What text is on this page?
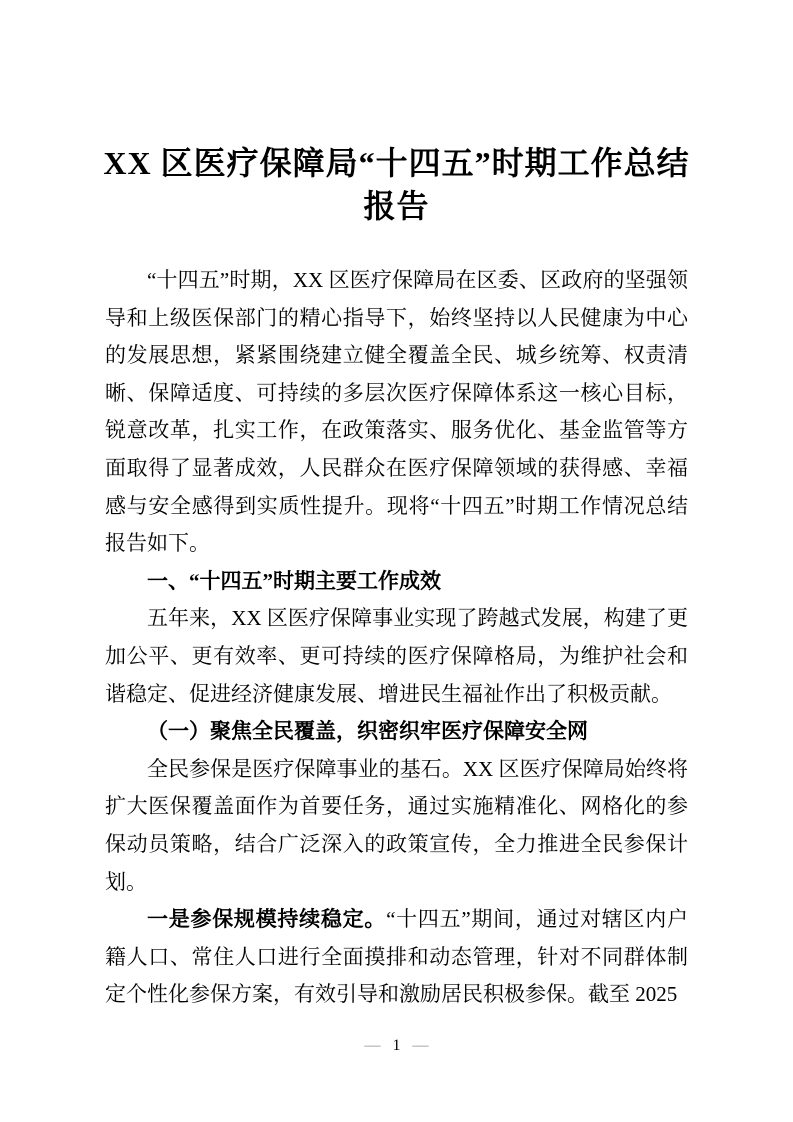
XX 区医疗保障局“十四五”时期工作总结报告

“十四五”时期，XX 区医疗保障局在区委、区政府的坚强领导和上级医保部门的精心指导下，始终坚持以人民健康为中心的发展思想，紧紧围绕建立健全覆盖全民、城乡统筹、权责清晰、保障适度、可持续的多层次医疗保障体系这一核心目标，锐意改革，扎实工作，在政策落实、服务优化、基金监管等方面取得了显著成效，人民群众在医疗保障领域的获得感、幸福感与安全感得到实质性提升。现将“十四五”时期工作情况总结报告如下。

一、“十四五”时期主要工作成效

五年来，XX 区医疗保障事业实现了跨越式发展，构建了更加公平、更有效率、更可持续的医疗保障格局，为维护社会和谐稳定、促进经济健康发展、增进民生福祉作出了积极贡献。

（一）聚焦全民覆盖，织密织牢医疗保障安全网

全民参保是医疗保障事业的基石。XX 区医疗保障局始终将扩大医保覆盖面作为首要任务，通过实施精准化、网格化的参保动员策略，结合广泛深入的政策宣传，全力推进全民参保计划。

一是参保规模持续稳定。“十四五”期间，通过对辖区内户籍人口、常住人口进行全面摸排和动态管理，针对不同群体制定个性化参保方案，有效引导和激励居民积极参保。截至 2025

— 1 —
